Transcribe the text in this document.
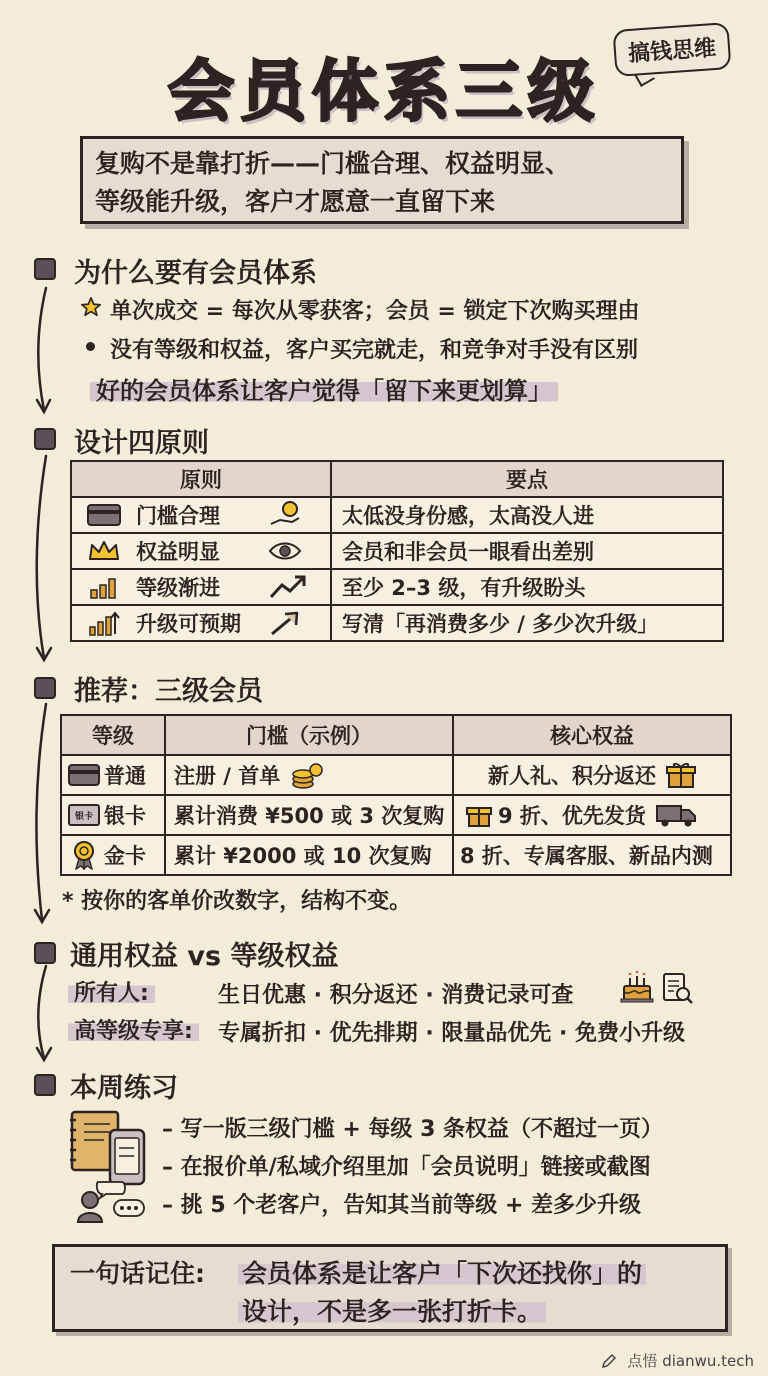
会员体系三级
搞钱思维
复购不是靠打折——门槛合理、权益明显、
等级能升级，客户才愿意一直留下来
为什么要有会员体系
单次成交 = 每次从零获客；会员 = 锁定下次购买理由
没有等级和权益，客户买完就走，和竞争对手没有区别
好的会员体系让客户觉得「留下来更划算」
设计四原则
原则	要点

门槛合理	太低没身份感，太高没人进

权益明显	会员和非会员一眼看出差别

等级渐进	至少 2–3 级，有升级盼头

升级可预期	写清「再消费多少 / 多少次升级」
推荐：三级会员
等级	门槛（示例）	核心权益

普通	注册 / 首单	新人礼、积分返还

银卡 银卡	累计消费 ¥500 或 3 次复购	9 折、优先发货

金卡	累计 ¥2000 或 10 次复购	8 折、专属客服、新品内测
* 按你的客单价改数字，结构不变。
通用权益 vs 等级权益
所有人:	生日优惠 · 积分返还 · 消费记录可查
高等级专享: 专属折扣 · 优先排期 · 限量品优先 · 免费小升级
本周练习
– 写一版三级门槛 + 每级 3 条权益（不超过一页）
– 在报价单/私域介绍里加「会员说明」链接或截图
– 挑 5 个老客户，告知其当前等级 + 差多少升级
一句话记住: 会员体系是让客户「下次还找你」的
设计，不是多一张打折卡。
点悟 dianwu.tech
